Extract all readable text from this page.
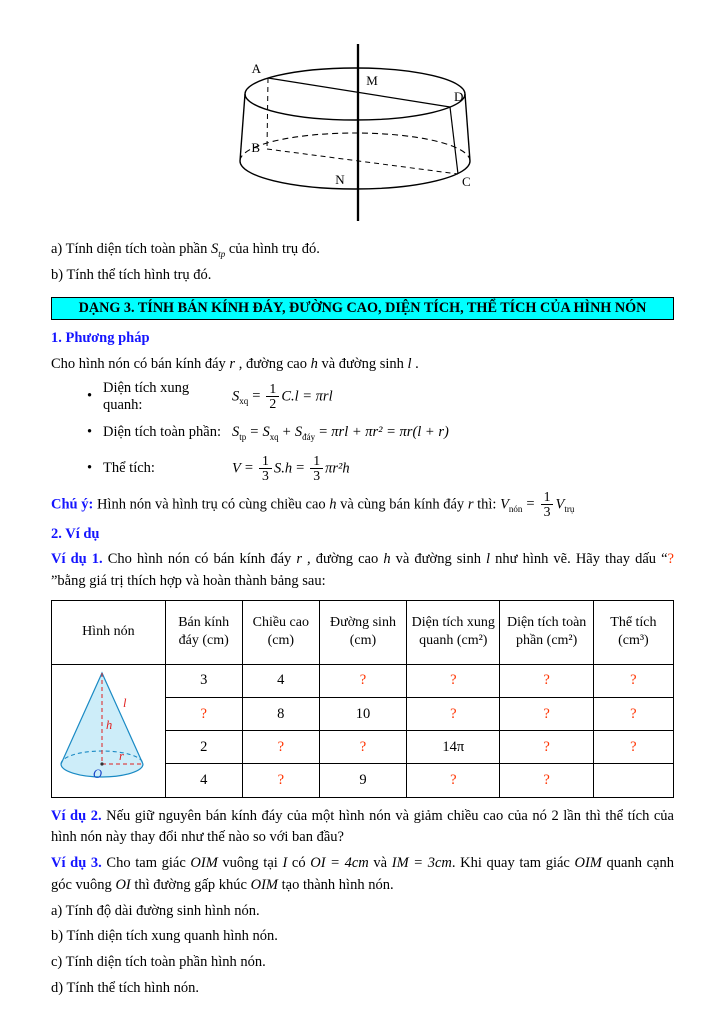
A
M
D
B
N	C

a) Tính diện tích toàn phần $S_{tp}$ của hình trụ đó.

b) Tính thể tích hình trụ đó.

DẠNG 3. TÍNH BÁN KÍNH ĐÁY, ĐƯỜNG CAO, DIỆN TÍCH, THỂ TÍCH CỦA HÌNH NÓN

1. Phương pháp

Cho hình nón có bán kính đáy r , đường cao h và đường sinh l .

•
Diện tích xung quanh:
$S_{xq} = \frac{1}{2} C.l = \pi rl$
• Diện tích toàn phần: $S_{tp} = S_{xq} + S_{đáy} = \pi rl + \pi r^2 = \pi r(l + r)$
• Thể tích:	$V = \frac{1}{3} S.h = \frac{1}{3} \pi r^2h$

Chú ý: Hình nón và hình trụ có cùng chiều cao h và cùng bán kính đáy r thì: $V_{nón} = \frac{1}{3} V_{trụ}$

2. Ví dụ

Ví dụ 1. Cho hình nón có bán kính đáy r , đường cao h và đường sinh l như hình vẽ. Hãy thay dấu “? ”bằng giá trị thích hợp và hoàn thành bảng sau:

Hình nón	Bán kính đáy (cm)	Chiều cao (cm)	Đường sinh (cm)	Diện tích xung quanh (cm²)	Diện tích toàn phần (cm²)	Thể tích (cm³)

l
h
r
O	3	4	?	?	?	?
	?	8	10	?	?	?
	2	?	?	14π	?	?
	4	?	9	?	?	

Ví dụ 2. Nếu giữ nguyên bán kính đáy của một hình nón và giảm chiều cao của nó 2 lần thì thể tích của hình nón này thay đổi như thế nào so với ban đầu?

Ví dụ 3. Cho tam giác OIM vuông tại I có OI = 4cm và IM = 3cm. Khi quay tam giác OIM quanh cạnh góc vuông OI thì đường gấp khúc OIM tạo thành hình nón.

a) Tính độ dài đường sinh hình nón.

b) Tính diện tích xung quanh hình nón.

c) Tính diện tích toàn phần hình nón.

d) Tính thể tích hình nón.
